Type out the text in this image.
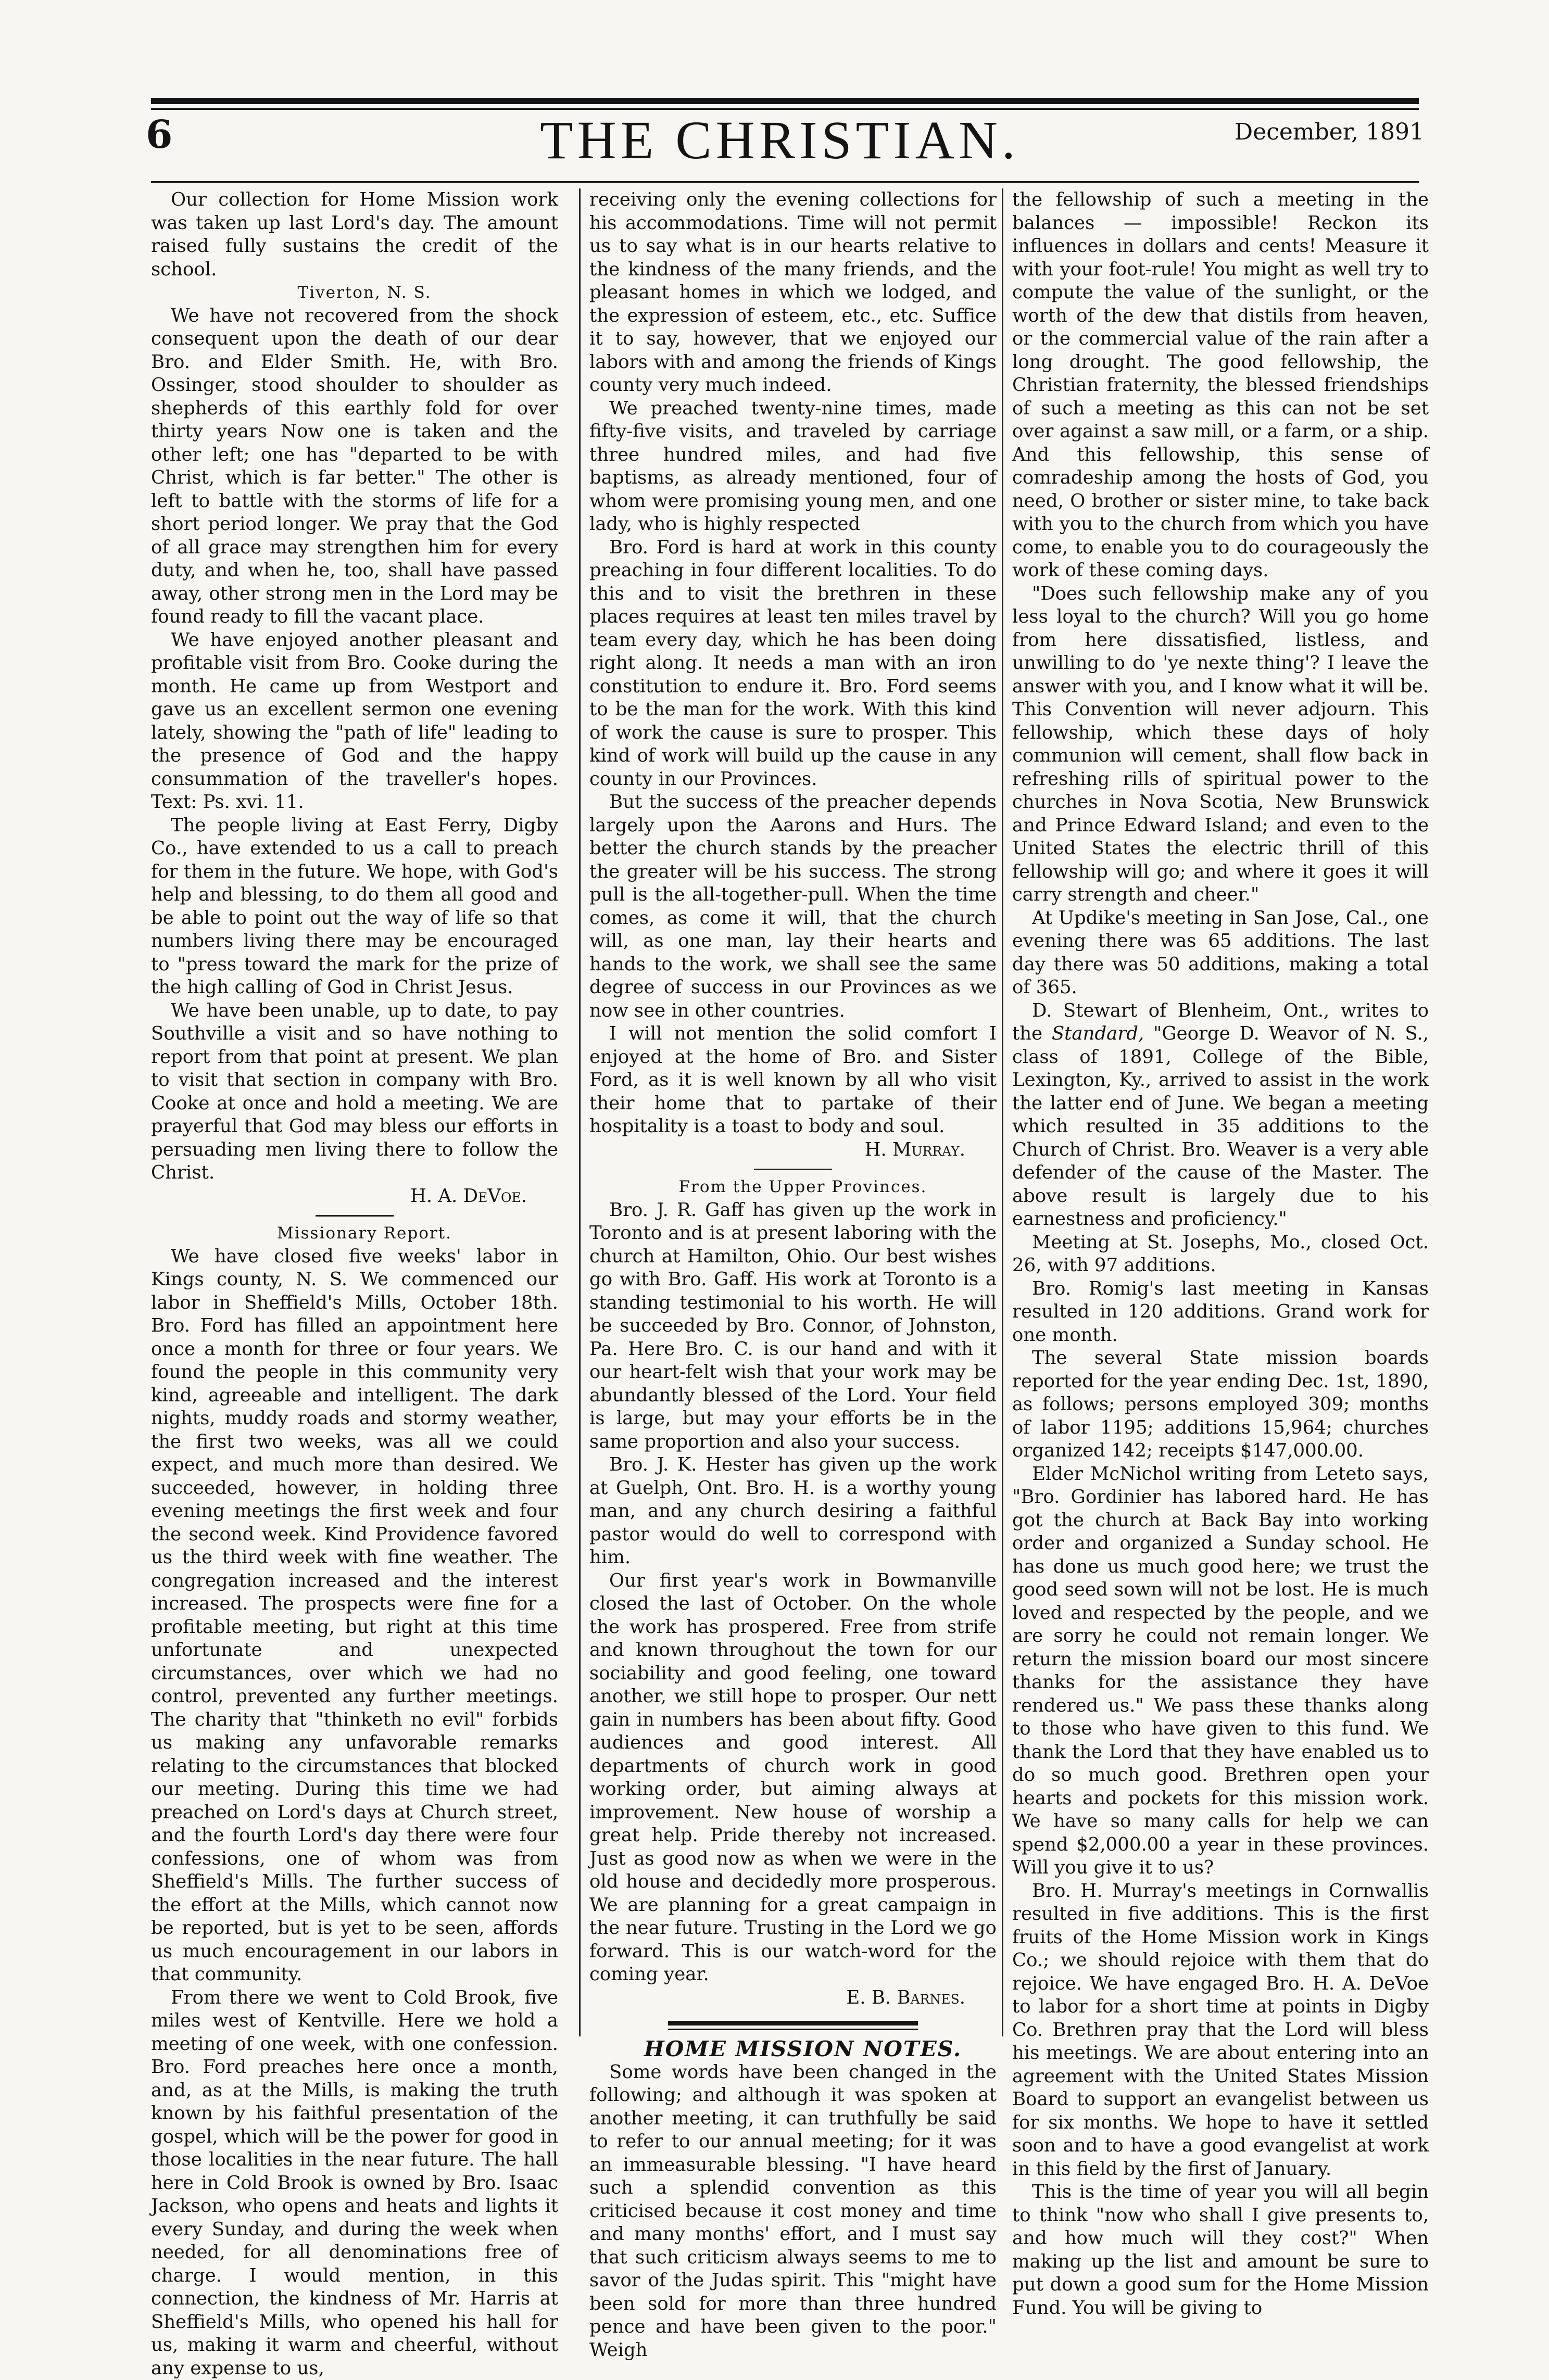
6	THE CHRISTIAN.	December, 1891

Our collection for Home Mission work was taken up last Lord's day. The amount raised fully sustains the credit of the school.

Tiverton, N. S.

We have not recovered from the shock consequent upon the death of our dear Bro. and Elder Smith. He, with Bro. Ossinger, stood shoulder to shoulder as shepherds of this earthly fold for over thirty years Now one is taken and the other left; one has "departed to be with Christ, which is far better." The other is left to battle with the storms of life for a short period longer. We pray that the God of all grace may strengthen him for every duty, and when he, too, shall have passed away, other strong men in the Lord may be found ready to fill the vacant place.

We have enjoyed another pleasant and profitable visit from Bro. Cooke during the month. He came up from Westport and gave us an excellent sermon one evening lately, showing the "path of life" leading to the presence of God and the happy consummation of the traveller's hopes. Text: Ps. xvi. 11.

The people living at East Ferry, Digby Co., have extended to us a call to preach for them in the future. We hope, with God's help and blessing, to do them all good and be able to point out the way of life so that numbers living there may be encouraged to "press toward the mark for the prize of the high calling of God in Christ Jesus.

We have been unable, up to date, to pay Southville a visit and so have nothing to report from that point at present. We plan to visit that section in company with Bro. Cooke at once and hold a meeting. We are prayerful that God may bless our efforts in persuading men living there to follow the Christ.

H. A. DeVoe.

Missionary Report.

We have closed five weeks' labor in Kings county, N. S. We commenced our labor in Sheffield's Mills, October 18th. Bro. Ford has filled an appointment here once a month for three or four years. We found the people in this community very kind, agreeable and intelligent. The dark nights, muddy roads and stormy weather, the first two weeks, was all we could expect, and much more than desired. We succeeded, however, in holding three evening meetings the first week and four the second week. Kind Providence favored us the third week with fine weather. The congregation increased and the interest increased. The prospects were fine for a profitable meeting, but right at this time unfortunate and unexpected circumstances, over which we had no control, prevented any further meetings. The charity that "thinketh no evil" forbids us making any unfavorable remarks relating to the circumstances that blocked our meeting. During this time we had preached on Lord's days at Church street, and the fourth Lord's day there were four confessions, one of whom was from Sheffield's Mills. The further success of the effort at the Mills, which cannot now be reported, but is yet to be seen, affords us much encouragement in our labors in that community.

From there we went to Cold Brook, five miles west of Kentville. Here we hold a meeting of one week, with one confession. Bro. Ford preaches here once a month, and, as at the Mills, is making the truth known by his faithful presentation of the gospel, which will be the power for good in those localities in the near future. The hall here in Cold Brook is owned by Bro. Isaac Jackson, who opens and heats and lights it every Sunday, and during the week when needed, for all denominations free of charge. I would mention, in this connection, the kindness of Mr. Harris at Sheffield's Mills, who opened his hall for us, making it warm and cheerful, without any expense to us,

receiving only the evening collections for his accommodations. Time will not permit us to say what is in our hearts relative to the kindness of the many friends, and the pleasant homes in which we lodged, and the expression of esteem, etc., etc. Suffice it to say, however, that we enjoyed our labors with and among the friends of Kings county very much indeed.

We preached twenty-nine times, made fifty-five visits, and traveled by carriage three hundred miles, and had five baptisms, as already mentioned, four of whom were promising young men, and one lady, who is highly respected

Bro. Ford is hard at work in this county preaching in four different localities. To do this and to visit the brethren in these places requires at least ten miles travel by team every day, which he has been doing right along. It needs a man with an iron constitution to endure it. Bro. Ford seems to be the man for the work. With this kind of work the cause is sure to prosper. This kind of work will build up the cause in any county in our Provinces.

But the success of the preacher depends largely upon the Aarons and Hurs. The better the church stands by the preacher the greater will be his success. The strong pull is the all-together-pull. When the time comes, as come it will, that the church will, as one man, lay their hearts and hands to the work, we shall see the same degree of success in our Provinces as we now see in other countries.

I will not mention the solid comfort I enjoyed at the home of Bro. and Sister Ford, as it is well known by all who visit their home that to partake of their hospitality is a toast to body and soul.

H. Murray.

From the Upper Provinces.

Bro. J. R. Gaff has given up the work in Toronto and is at present laboring with the church at Hamilton, Ohio. Our best wishes go with Bro. Gaff. His work at Toronto is a standing testimonial to his worth. He will be succeeded by Bro. Connor, of Johnston, Pa. Here Bro. C. is our hand and with it our heart-felt wish that your work may be abundantly blessed of the Lord. Your field is large, but may your efforts be in the same proportion and also your success.

Bro. J. K. Hester has given up the work at Guelph, Ont. Bro. H. is a worthy young man, and any church desiring a faithful pastor would do well to correspond with him.

Our first year's work in Bowmanville closed the last of October. On the whole the work has prospered. Free from strife and known throughout the town for our sociability and good feeling, one toward another, we still hope to prosper. Our nett gain in numbers has been about fifty. Good audiences and good interest. All departments of church work in good working order, but aiming always at improvement. New house of worship a great help. Pride thereby not increased. Just as good now as when we were in the old house and decidedly more prosperous. We are planning for a great campaign in the near future. Trusting in the Lord we go forward. This is our watch-word for the coming year.

E. B. Barnes.

HOME MISSION NOTES.

Some words have been changed in the following; and although it was spoken at another meeting, it can truthfully be said to refer to our annual meeting; for it was an immeasurable blessing. "I have heard such a splendid convention as this criticised because it cost money and time and many months' effort, and I must say that such criticism always seems to me to savor of the Judas spirit. This "might have been sold for more than three hundred pence and have been given to the poor." Weigh

the fellowship of such a meeting in the balances — impossible! Reckon its influences in dollars and cents! Measure it with your foot-rule! You might as well try to compute the value of the sunlight, or the worth of the dew that distils from heaven, or the commercial value of the rain after a long drought. The good fellowship, the Christian fraternity, the blessed friendships of such a meeting as this can not be set over against a saw mill, or a farm, or a ship. And this fellowship, this sense of comradeship among the hosts of God, you need, O brother or sister mine, to take back with you to the church from which you have come, to enable you to do courageously the work of these coming days.

"Does such fellowship make any of you less loyal to the church? Will you go home from here dissatisfied, listless, and unwilling to do 'ye nexte thing'? I leave the answer with you, and I know what it will be. This Convention will never adjourn. This fellowship, which these days of holy communion will cement, shall flow back in refreshing rills of spiritual power to the churches in Nova Scotia, New Brunswick and Prince Edward Island; and even to the United States the electric thrill of this fellowship will go; and where it goes it will carry strength and cheer."

At Updike's meeting in San Jose, Cal., one evening there was 65 additions. The last day there was 50 additions, making a total of 365.

D. Stewart of Blenheim, Ont., writes to the Standard, "George D. Weavor of N. S., class of 1891, College of the Bible, Lexington, Ky., arrived to assist in the work the latter end of June. We began a meeting which resulted in 35 additions to the Church of Christ. Bro. Weaver is a very able defender of the cause of the Master. The above result is largely due to his earnestness and proficiency."

Meeting at St. Josephs, Mo., closed Oct. 26, with 97 additions.

Bro. Romig's last meeting in Kansas resulted in 120 additions. Grand work for one month.

The several State mission boards reported for the year ending Dec. 1st, 1890, as follows; persons employed 309; months of labor 1195; additions 15,964; churches organized 142; receipts $147,000.00.

Elder McNichol writing from Leteto says, "Bro. Gordinier has labored hard. He has got the church at Back Bay into working order and organized a Sunday school. He has done us much good here; we trust the good seed sown will not be lost. He is much loved and respected by the people, and we are sorry he could not remain longer. We return the mission board our most sincere thanks for the assistance they have rendered us." We pass these thanks along to those who have given to this fund. We thank the Lord that they have enabled us to do so much good. Brethren open your hearts and pockets for this mission work. We have so many calls for help we can spend $2,000.00 a year in these provinces. Will you give it to us?

Bro. H. Murray's meetings in Cornwallis resulted in five additions. This is the first fruits of the Home Mission work in Kings Co.; we should rejoice with them that do rejoice. We have engaged Bro. H. A. DeVoe to labor for a short time at points in Digby Co. Brethren pray that the Lord will bless his meetings. We are about entering into an agreement with the United States Mission Board to support an evangelist between us for six months. We hope to have it settled soon and to have a good evangelist at work in this field by the first of January.

This is the time of year you will all begin to think "now who shall I give presents to, and how much will they cost?" When making up the list and amount be sure to put down a good sum for the Home Mission Fund. You will be giving to
